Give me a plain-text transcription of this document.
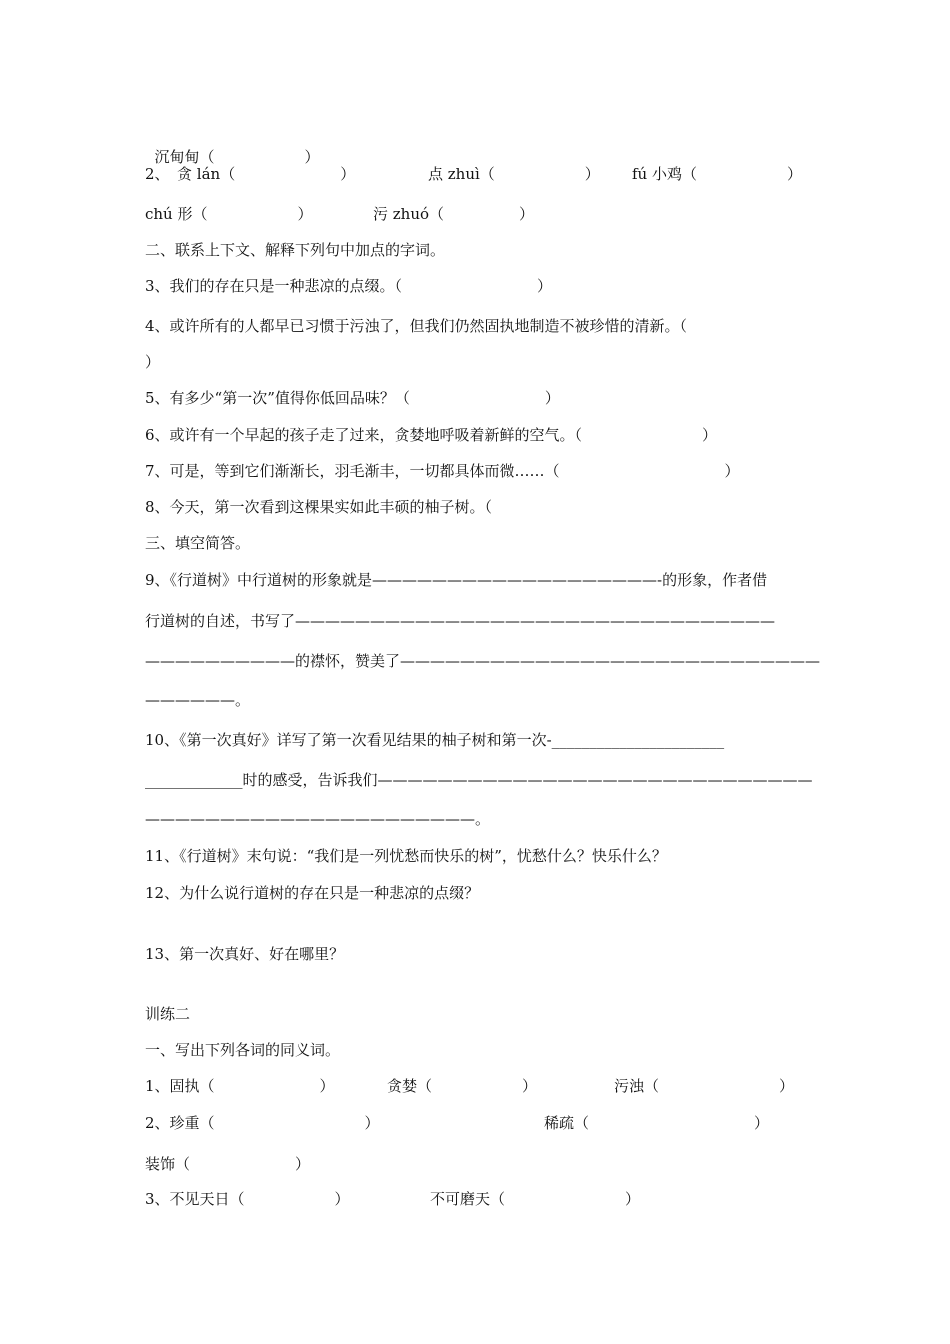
沉甸甸（　　　　　　）

2、　贪 lán（　　　　　　　）

	点 zhuì（　　　　　　）

fú 小鸡（　　　　　　）

chú 形（　　　　　　）

	污 zhuó（　　　　　）

二、联系上下文、解释下列句中加点的字词。
3、我们的存在只是一种悲凉的点缀。（　　　　　　　　　）
4、或许所有的人都早已习惯于污浊了，但我们仍然固执地制造不被珍惜的清新。（
）
5、有多少“第一次”值得你低回品味？（　　　　　　　　　）
6、或许有一个早起的孩子走了过来，贪婪地呼吸着新鲜的空气。（　　　　　　　　）
7、可是，等到它们渐渐长，羽毛渐丰，一切都具体而微……（　　　　　　　　　　　）
8、今天，第一次看到这棵果实如此丰硕的柚子树。（
三、填空简答。
9、《行道树》中行道树的形象就是———————————————————-的形象，作者借
行道树的自述，书写了————————————————————————————————
——————————的襟怀，赞美了————————————————————————————
——————。
10、《第一次真好》详写了第一次看见结果的柚子树和第一次-_______________________
_____________时的感受，告诉我们—————————————————————————————
——————————————————————。
11、《行道树》末句说：“我们是一列忧愁而快乐的树”，忧愁什么？快乐什么？
12、为什么说行道树的存在只是一种悲凉的点缀？
13、第一次真好、好在哪里？
训练二
一、写出下列各词的同义词。

1、固执（　　　　　　　）

	贪婪（　　　　　　）

	污浊（　　　　　　　　）

2、珍重（　　　　　　　　　　）

	稀疏（　　　　　　　　　　　）

装饰（　　　　　　　）

3、不见天日（　　　　　　）

	不可磨天（　　　　　　　　）
